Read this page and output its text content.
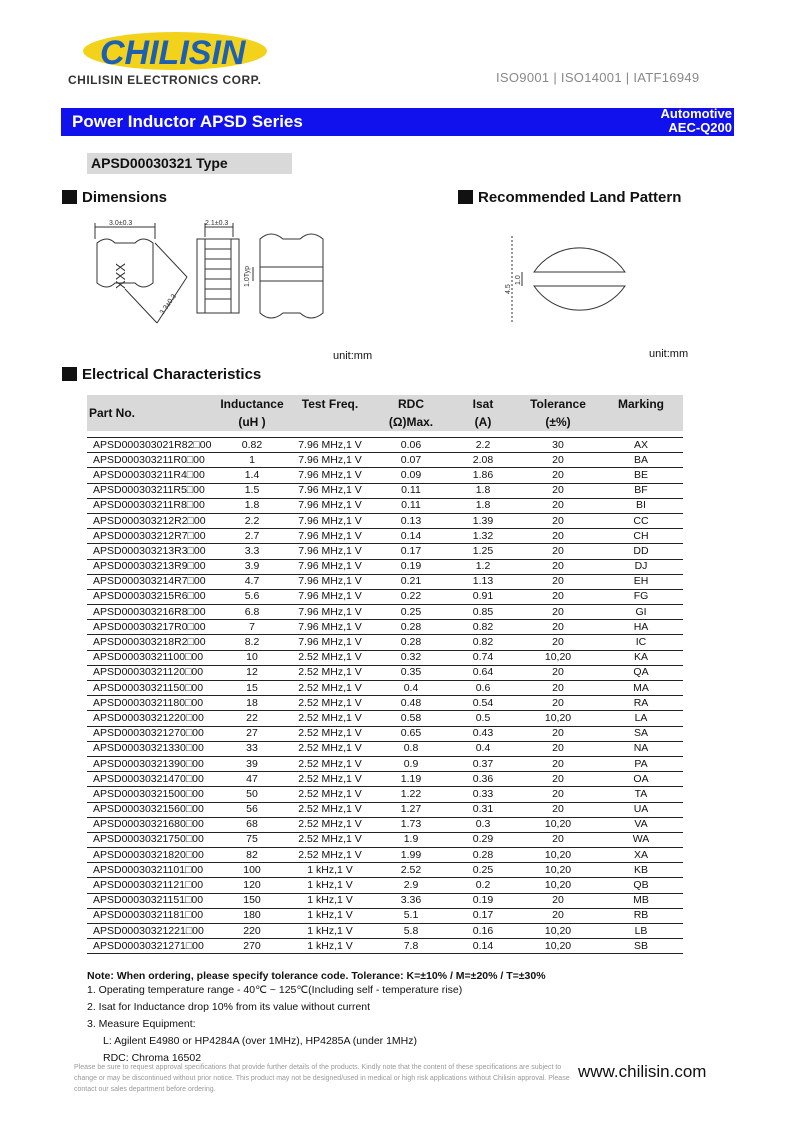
CHILISIN
CHILISIN ELECTRONICS CORP.	ISO9001 | ISO14001 | IATF16949
Power Inductor APSD Series	Automotive
AEC-Q200
APSD00030321 Type
Dimensions	Recommended Land Pattern
3.0±0.3	2.1±0.3
3.3±0.3
1.0Typ
XXX
4.5
1.0
unit:mm	unit:mm
Electrical Characteristics
Part No.	Inductance	Test Freq.	RDC	Isat	Tolerance	Marking
	(uH )		(Ω)Max.	(A)	(±%)	

APSD000303021R82□00	0.82	7.96 MHz,1 V	0.06	2.2	30	AX
APSD000303211R0□00	1	7.96 MHz,1 V	0.07	2.08	20	BA
APSD000303211R4□00	1.4	7.96 MHz,1 V	0.09	1.86	20	BE
APSD000303211R5□00	1.5	7.96 MHz,1 V	0.11	1.8	20	BF
APSD000303211R8□00	1.8	7.96 MHz,1 V	0.11	1.8	20	BI
APSD000303212R2□00	2.2	7.96 MHz,1 V	0.13	1.39	20	CC
APSD000303212R7□00	2.7	7.96 MHz,1 V	0.14	1.32	20	CH
APSD000303213R3□00	3.3	7.96 MHz,1 V	0.17	1.25	20	DD
APSD000303213R9□00	3.9	7.96 MHz,1 V	0.19	1.2	20	DJ
APSD000303214R7□00	4.7	7.96 MHz,1 V	0.21	1.13	20	EH
APSD000303215R6□00	5.6	7.96 MHz,1 V	0.22	0.91	20	FG
APSD000303216R8□00	6.8	7.96 MHz,1 V	0.25	0.85	20	GI
APSD000303217R0□00	7	7.96 MHz,1 V	0.28	0.82	20	HA
APSD000303218R2□00	8.2	7.96 MHz,1 V	0.28	0.82	20	IC
APSD00030321100□00	10	2.52 MHz,1 V	0.32	0.74	10,20	KA
APSD00030321120□00	12	2.52 MHz,1 V	0.35	0.64	20	QA
APSD00030321150□00	15	2.52 MHz,1 V	0.4	0.6	20	MA
APSD00030321180□00	18	2.52 MHz,1 V	0.48	0.54	20	RA
APSD00030321220□00	22	2.52 MHz,1 V	0.58	0.5	10,20	LA
APSD00030321270□00	27	2.52 MHz,1 V	0.65	0.43	20	SA
APSD00030321330□00	33	2.52 MHz,1 V	0.8	0.4	20	NA
APSD00030321390□00	39	2.52 MHz,1 V	0.9	0.37	20	PA
APSD00030321470□00	47	2.52 MHz,1 V	1.19	0.36	20	OA
APSD00030321500□00	50	2.52 MHz,1 V	1.22	0.33	20	TA
APSD00030321560□00	56	2.52 MHz,1 V	1.27	0.31	20	UA
APSD00030321680□00	68	2.52 MHz,1 V	1.73	0.3	10,20	VA
APSD00030321750□00	75	2.52 MHz,1 V	1.9	0.29	20	WA
APSD00030321820□00	82	2.52 MHz,1 V	1.99	0.28	10,20	XA
APSD00030321101□00	100	1 kHz,1 V	2.52	0.25	10,20	KB
APSD00030321121□00	120	1 kHz,1 V	2.9	0.2	10,20	QB
APSD00030321151□00	150	1 kHz,1 V	3.36	0.19	20	MB
APSD00030321181□00	180	1 kHz,1 V	5.1	0.17	20	RB
APSD00030321221□00	220	1 kHz,1 V	5.8	0.16	10,20	LB
APSD00030321271□00	270	1 kHz,1 V	7.8	0.14	10,20	SB
Note: When ordering, please specify tolerance code. Tolerance: K=±10% / M=±20% / T=±30%
1. Operating temperature range - 40℃ ~ 125℃(Including self - temperature rise)
2. Isat for Inductance drop 10% from its value without current
3. Measure Equipment:
L: Agilent E4980 or HP4284A (over 1MHz), HP4285A (under 1MHz)
RDC: Chroma 16502
Please be sure to request approval specifications that provide further details of the products. Kindly note that the content of these specifications are subject to change or may be discontinued without prior notice. This product may not be designed/used in medical or high risk applications without Chilisin approval. Please contact our sales department before ordering.
www.chilisin.com
